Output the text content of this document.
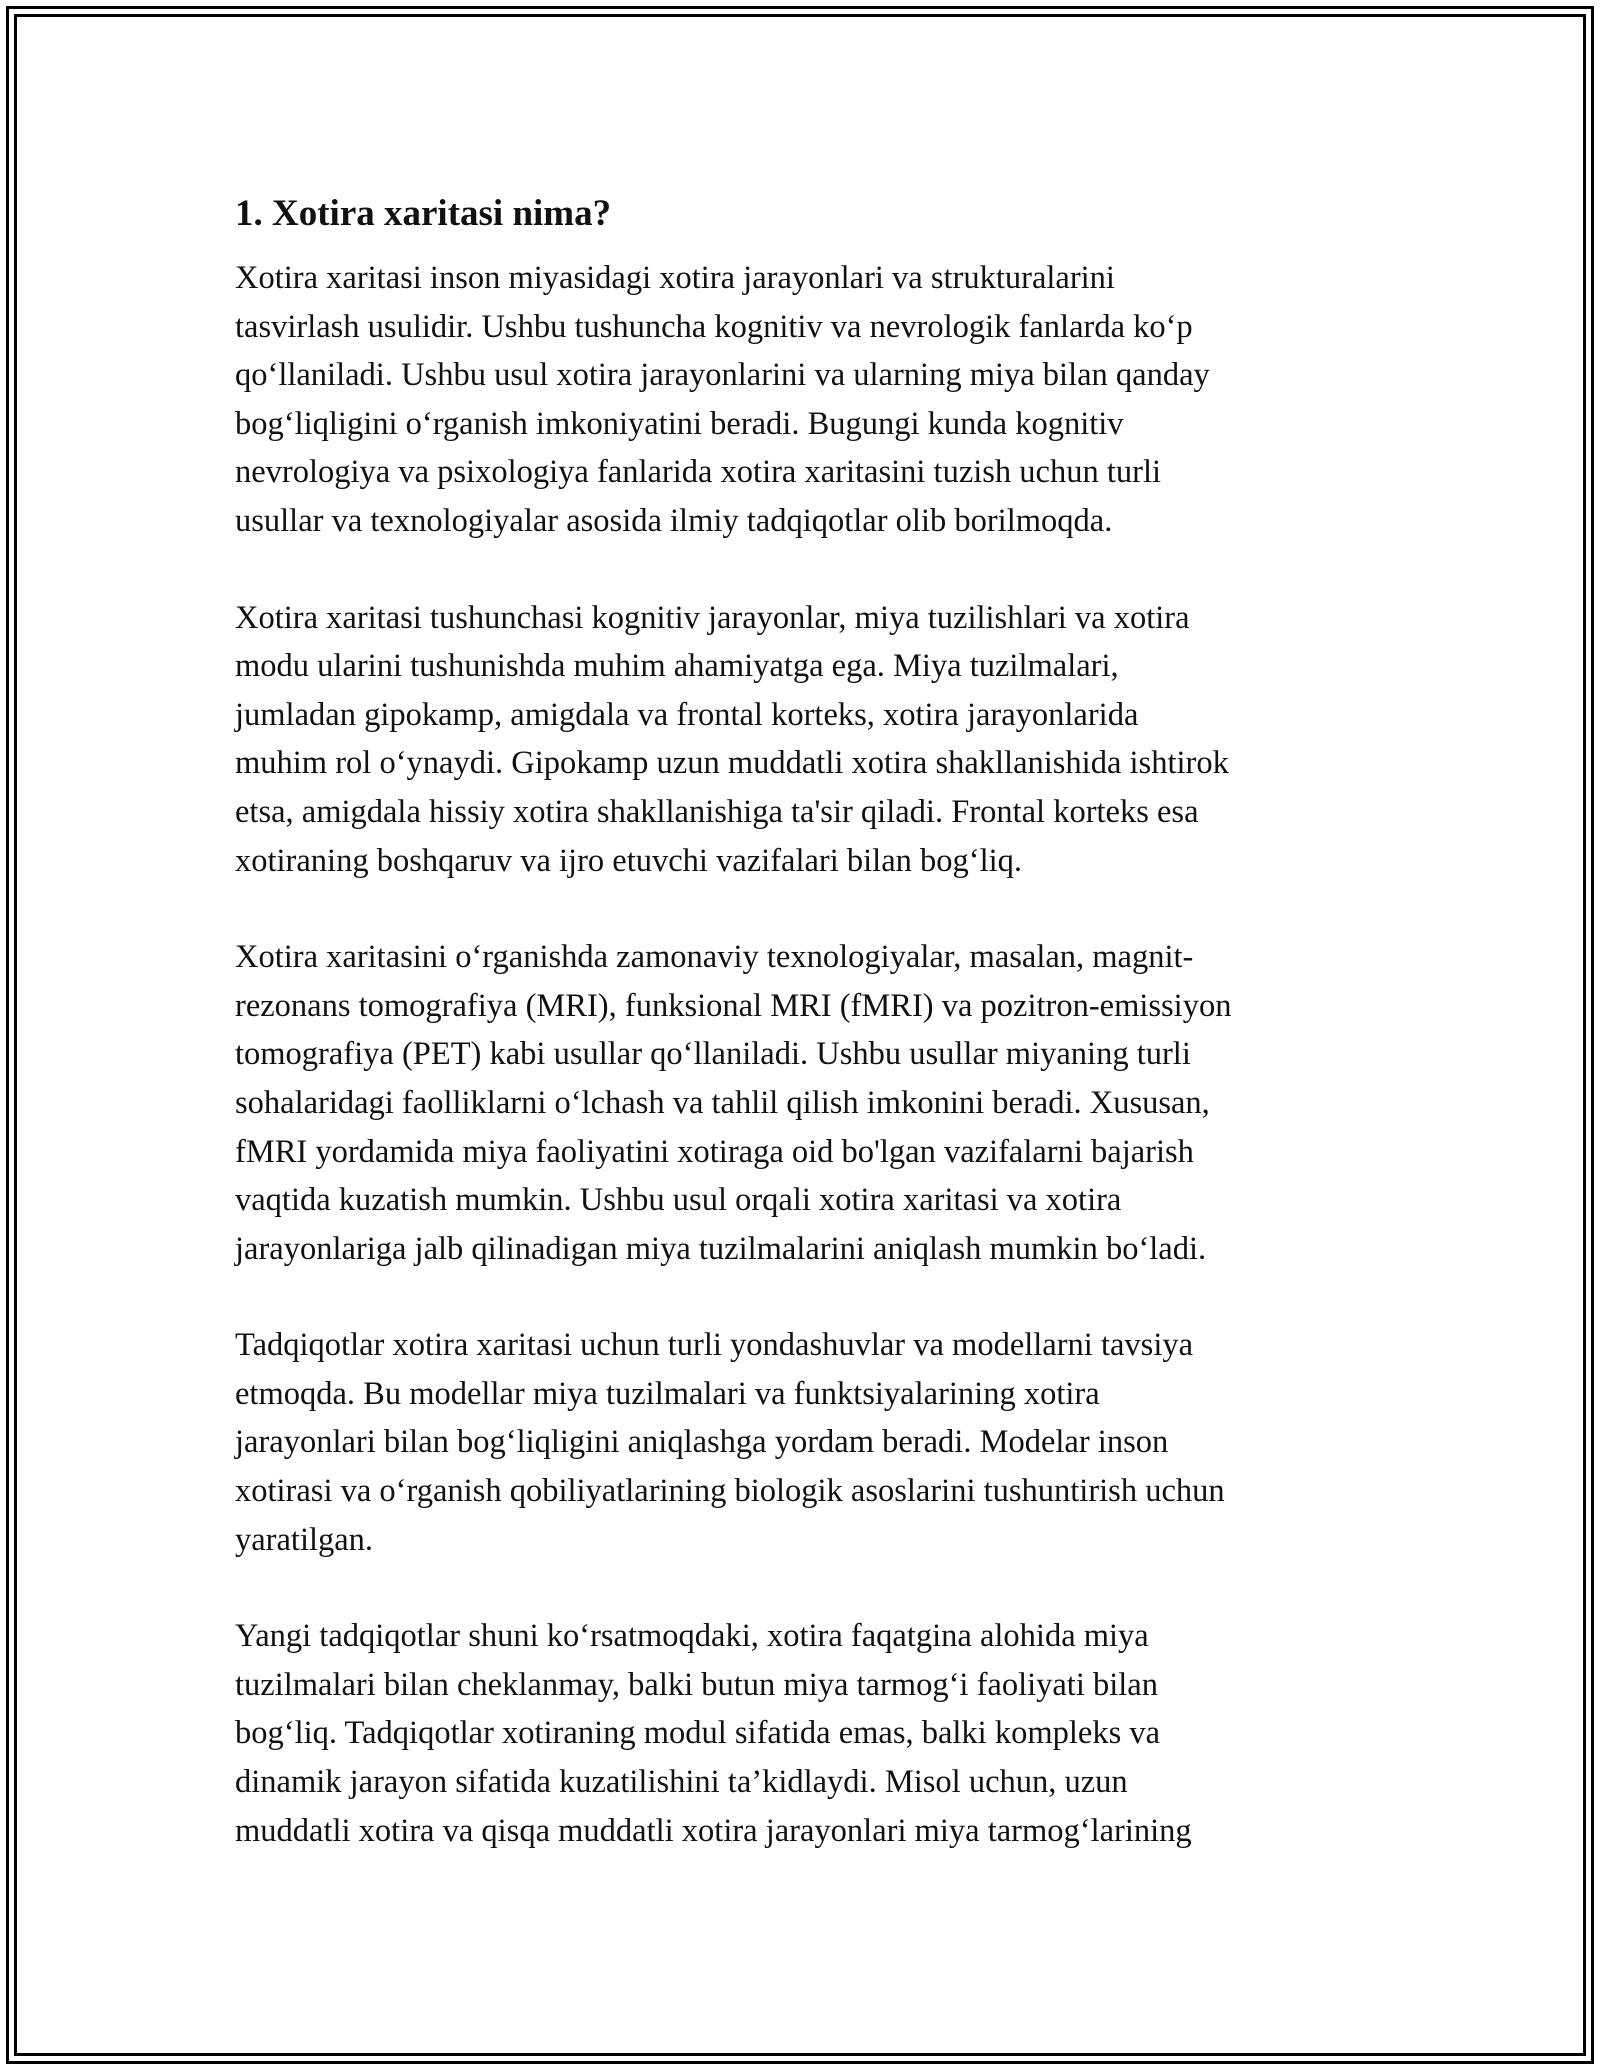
1. Xotira xaritasi nima?

Xotira xaritasi inson miyasidagi xotira jarayonlari va strukturalarini
tasvirlash usulidir. Ushbu tushuncha kognitiv va nevrologik fanlarda ko‘p
qo‘llaniladi. Ushbu usul xotira jarayonlarini va ularning miya bilan qanday
bog‘liqligini o‘rganish imkoniyatini beradi. Bugungi kunda kognitiv
nevrologiya va psixologiya fanlarida xotira xaritasini tuzish uchun turli
usullar va texnologiyalar asosida ilmiy tadqiqotlar olib borilmoqda.

Xotira xaritasi tushunchasi kognitiv jarayonlar, miya tuzilishlari va xotira
modu ularini tushunishda muhim ahamiyatga ega. Miya tuzilmalari,
jumladan gipokamp, amigdala va frontal korteks, xotira jarayonlarida
muhim rol o‘ynaydi. Gipokamp uzun muddatli xotira shakllanishida ishtirok
etsa, amigdala hissiy xotira shakllanishiga ta'sir qiladi. Frontal korteks esa
xotiraning boshqaruv va ijro etuvchi vazifalari bilan bog‘liq.

Xotira xaritasini o‘rganishda zamonaviy texnologiyalar, masalan, magnit-
rezonans tomografiya (MRI), funksional MRI (fMRI) va pozitron-emissiyon
tomografiya (PET) kabi usullar qo‘llaniladi. Ushbu usullar miyaning turli
sohalaridagi faolliklarni o‘lchash va tahlil qilish imkonini beradi. Xususan,
fMRI yordamida miya faoliyatini xotiraga oid bo'lgan vazifalarni bajarish
vaqtida kuzatish mumkin. Ushbu usul orqali xotira xaritasi va xotira
jarayonlariga jalb qilinadigan miya tuzilmalarini aniqlash mumkin bo‘ladi.

Tadqiqotlar xotira xaritasi uchun turli yondashuvlar va modellarni tavsiya
etmoqda. Bu modellar miya tuzilmalari va funktsiyalarining xotira
jarayonlari bilan bog‘liqligini aniqlashga yordam beradi. Modelar inson
xotirasi va o‘rganish qobiliyatlarining biologik asoslarini tushuntirish uchun
yaratilgan.

Yangi tadqiqotlar shuni ko‘rsatmoqdaki, xotira faqatgina alohida miya
tuzilmalari bilan cheklanmay, balki butun miya tarmog‘i faoliyati bilan
bog‘liq. Tadqiqotlar xotiraning modul sifatida emas, balki kompleks va
dinamik jarayon sifatida kuzatilishini ta’kidlaydi. Misol uchun, uzun
muddatli xotira va qisqa muddatli xotira jarayonlari miya tarmog‘larining
